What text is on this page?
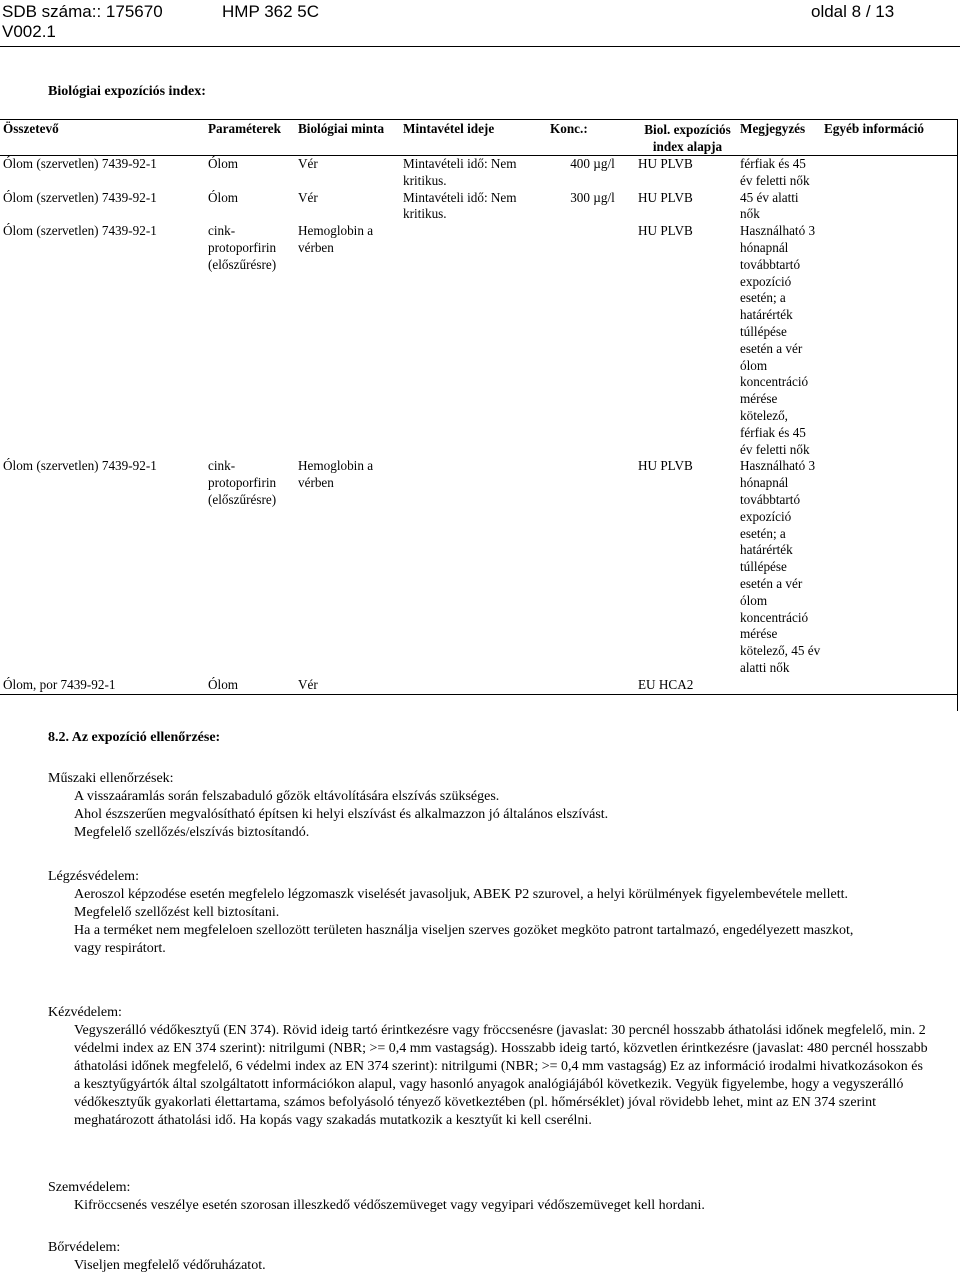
SDB száma:: 175670
V002.1
HMP 362 5C	oldal 8 / 13
Biológiai expozíciós index:
Összetevő	Paraméterek	Biológiai minta	Mintavétel ideje	Konc.:	Biol. expozíciós index alapja	Megjegyzés	Egyéb információ
Ólom (szervetlen) 7439-92-1	Ólom	Vér	Mintavételi idő: Nem kritikus.	400 µg/l	HU PLVB	férfiak és 45 év feletti nők	
Ólom (szervetlen) 7439-92-1	Ólom	Vér	Mintavételi idő: Nem kritikus.	300 µg/l	HU PLVB	45 év alatti nők	
Ólom (szervetlen) 7439-92-1	cink-protoporfirin (előszűrésre)	Hemoglobin a vérben			HU PLVB	Használható 3 hónapnál továbbtartó expozíció esetén; a határérték túllépése esetén a vér ólom koncentráció mérése kötelező, férfiak és 45 év feletti nők	
Ólom (szervetlen) 7439-92-1	cink-protoporfirin (előszűrésre)	Hemoglobin a vérben			HU PLVB	Használható 3 hónapnál továbbtartó expozíció esetén; a határérték túllépése esetén a vér ólom koncentráció mérése kötelező, 45 év alatti nők	
Ólom, por 7439-92-1	Ólom	Vér			EU HCA2		
8.2. Az expozíció ellenőrzése:
Műszaki ellenőrzések:
A visszaáramlás során felszabaduló gőzök eltávolítására elszívás szükséges.
Ahol észszerűen megvalósítható építsen ki helyi elszívást és alkalmazzon jó általános elszívást.
Megfelelő szellőzés/elszívás biztosítandó.
Légzésvédelem:
Aeroszol képzodése esetén megfelelo légzomaszk viselését javasoljuk, ABEK P2 szurovel, a helyi körülmények figyelembevétele mellett.
Megfelelő szellőzést kell biztosítani.
Ha a terméket nem megfeleloen szellozött területen használja viseljen szerves gozöket megköto patront tartalmazó, engedélyezett maszkot, vagy respirátort.
Kézvédelem:
Vegyszerálló védőkesztyű (EN 374). Rövid ideig tartó érintkezésre vagy fröccsenésre (javaslat: 30 percnél hosszabb áthatolási időnek megfelelő, min. 2 védelmi index az EN 374 szerint): nitrilgumi (NBR; >= 0,4 mm vastagság). Hosszabb ideig tartó, közvetlen érintkezésre (javaslat: 480 percnél hosszabb áthatolási időnek megfelelő, 6 védelmi index az EN 374 szerint): nitrilgumi (NBR; >= 0,4 mm vastagság) Ez az információ irodalmi hivatkozásokon és a kesztyűgyártók által szolgáltatott információkon alapul, vagy hasonló anyagok analógiájából következik. Vegyük figyelembe, hogy a vegyszerálló védőkesztyűk gyakorlati élettartama, számos befolyásoló tényező következtében (pl. hőmérséklet) jóval rövidebb lehet, mint az EN 374 szerint meghatározott áthatolási idő. Ha kopás vagy szakadás mutatkozik a kesztyűt ki kell cserélni.
Szemvédelem:
Kifröccsenés veszélye esetén szorosan illeszkedő védőszemüveget vagy vegyipari védőszemüveget kell hordani.
Bőrvédelem:
Viseljen megfelelő védőruházatot.
